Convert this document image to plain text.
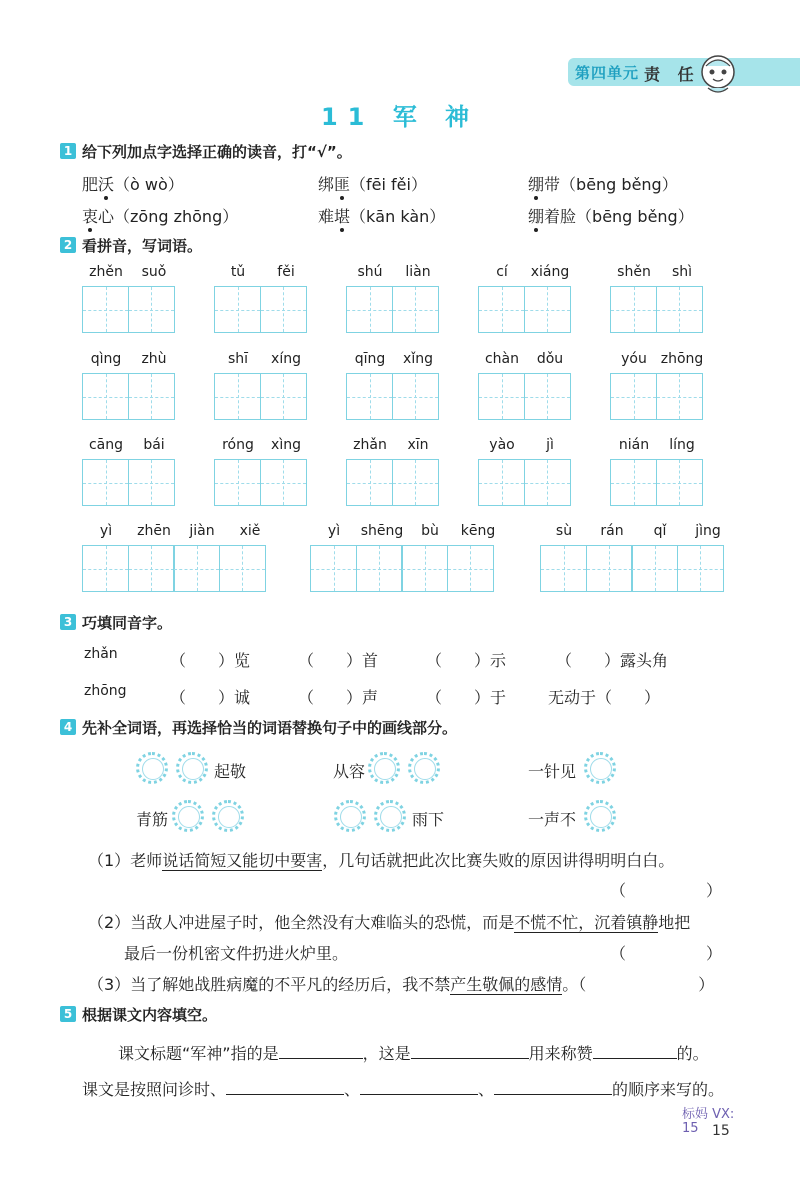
第四单元 责 任
11 军 神
1 给下列加点字选择正确的读音，打“√”。
肥沃（ò wò）	绑匪（fēi fěi）	绷带（bēng běng）
衷心（zōng zhōng）	难堪（kān kàn）	绷着脸（bēng běng）
2 看拼音，写词语。
zhěn	suǒ	tǔ	fěi	shú	liàn	cí	xiáng	shěn	shì
qìng	zhù	shī	xíng	qīng	xǐng	chàn	dǒu	yóu zhōng
cāng	bái	róng	xìng	zhǎn	xīn	yào	jì	nián	líng
yì	zhēn	jiàn	xiě	yì	shēng	bù	kēng	sù	rán	qǐ	jìng
3 巧填同音字。
zhǎn	（　　）览	（　　）首	（　　）示	（　　）露头角
zhōng	（　　）诚	（　　）声	（　　）于	无动于（　　）
4 先补全词语，再选择恰当的词语替换句子中的画线部分。
起敬	从容	一针见
青筋	雨下	一声不
（1）老师说话简短又能切中要害，几句话就把此次比赛失败的原因讲得明明白白。
（　　　　　）
（2）当敌人冲进屋子时，他全然没有大难临头的恐慌，而是不慌不忙，沉着镇静地把
最后一份机密文件扔进火炉里。	（　　　　　）
（3）当了解她战胜病魔的不平凡的经历后，我不禁产生敬佩的感情。（　　　　　　　）
5 根据课文内容填空。
课文标题“军神”指的是	，这是	用来称赞	的。
课文是按照问诊时、	、	、	的顺序来写的。
标妈 VX:
15 15
